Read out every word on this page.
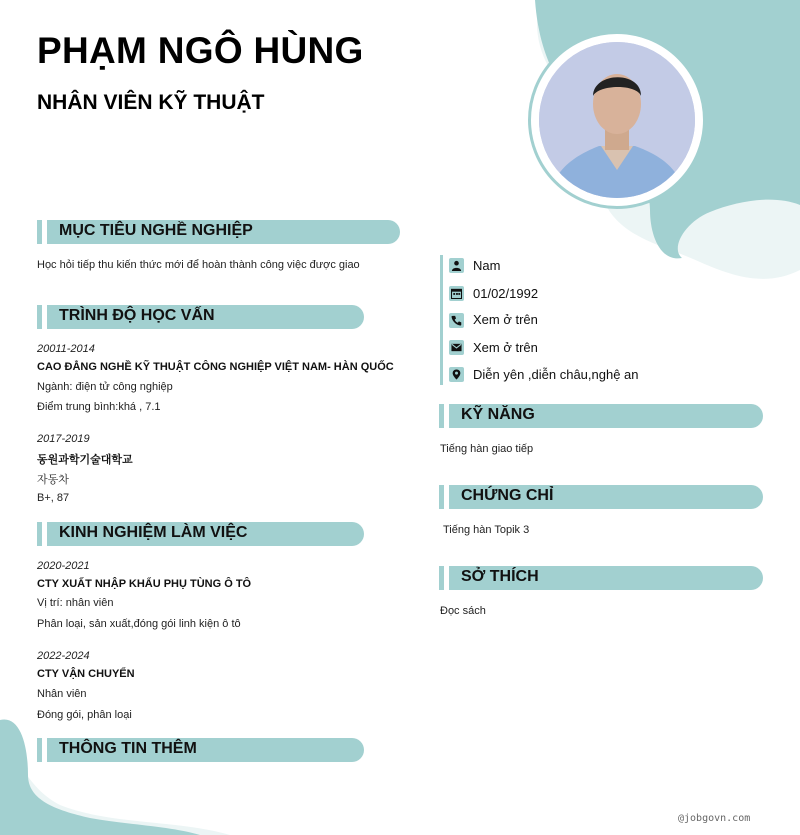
PHẠM NGÔ HÙNG
NHÂN VIÊN KỸ THUẬT
MỤC TIÊU NGHỀ NGHIỆP
Học hỏi tiếp thu kiến thức mới để hoàn thành công việc được giao
TRÌNH ĐỘ HỌC VẤN
20011-2014
CAO ĐẲNG NGHỀ KỸ THUẬT CÔNG NGHIỆP VIỆT NAM- HÀN QUỐC
Ngành: điện tử công nghiệp
Điểm trung bình:khá , 7.1
2017-2019
동원과학기술대학교
자동차
B+, 87
KINH NGHIỆM LÀM VIỆC
2020-2021
CTY XUẤT NHẬP KHẨU PHỤ TÙNG Ô TÔ
Vị trí: nhân viên
Phân loại, sản xuất,đóng gói linh kiện ô tô
2022-2024
CTY VẬN CHUYỂN
Nhân viên
Đóng gói, phân loại
THÔNG TIN THÊM
Nam
01/02/1992
Xem ở trên
Xem ở trên
Diễn yên ,diễn châu,nghệ an
KỸ NĂNG
Tiếng hàn giao tiếp
CHỨNG CHỈ
Tiếng hàn Topik 3
SỞ THÍCH
Đọc sách
@jobgovn.com
